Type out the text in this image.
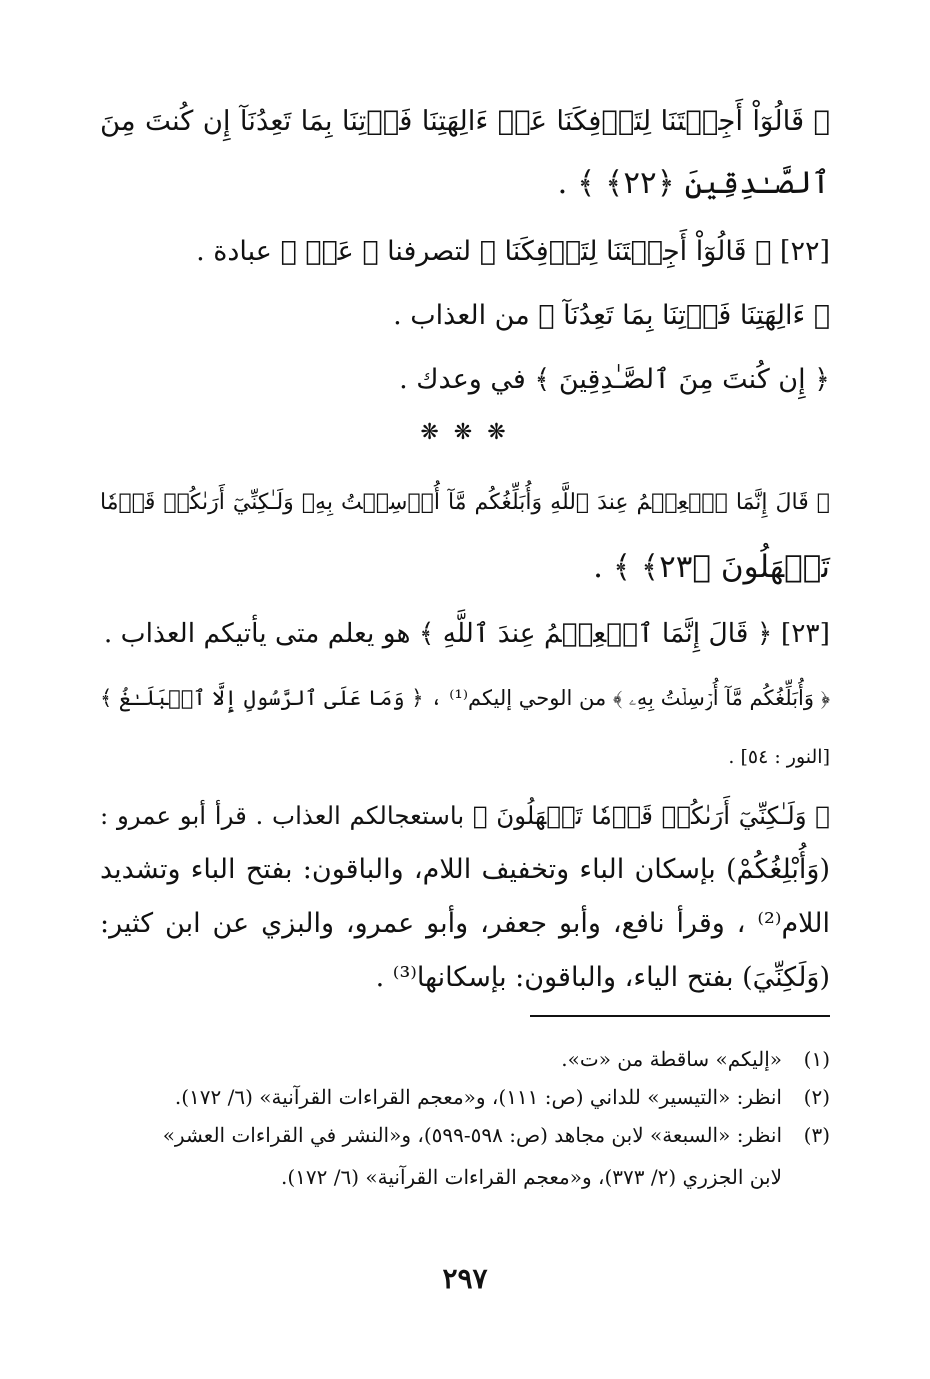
﴿ قَالُوٓاْ أَجِئۡتَنَا لِتَأۡفِكَنَا عَنۡ ءَالِهَتِنَا فَأۡتِنَا بِمَا تَعِدُنَآ إِن كُنتَ مِنَ
ٱلصَّـٰدِقِينَ ﴿٢٢﴾ ﴾ .
[٢٢] ﴿ قَالُوٓاْ أَجِئۡتَنَا لِتَأۡفِكَنَا ﴾ لتصرفنا ﴿ عَنۡ ﴾ عبادة .
﴿ ءَالِهَتِنَا فَأۡتِنَا بِمَا تَعِدُنَآ ﴾ من العذاب .
﴿ إِن كُنتَ مِنَ ٱلصَّـٰدِقِينَ ﴾ في وعدك .
❋ ❋ ❋
﴿ قَالَ إِنَّمَا ٱلۡعِلۡمُ عِندَ ٱللَّهِ وَأُبَلِّغُكُم مَّآ أُرۡسِلۡتُ بِهِۦ وَلَـٰكِنِّيٓ أَرَىٰكُمۡ قَوۡمٗا
تَجۡهَلُونَ ﴿٢٣﴾ ﴾ .
[٢٣] ﴿ قَالَ إِنَّمَا ٱلۡعِلۡمُ عِندَ ٱللَّهِ ﴾ هو يعلم متى يأتيكم العذاب .
﴿ وَأُبَلِّغُكُم مَّآ أُرۡسِلۡتُ بِهِۦ ﴾ من الوحي إليكم⁽¹⁾ ، ﴿ وَمَا عَلَى ٱلرَّسُولِ إِلَّا ٱلۡبَلَـٰغُ ﴾
[النور : ٥٤] .
﴿ وَلَـٰكِنِّيٓ أَرَىٰكُمۡ قَوۡمٗا تَجۡهَلُونَ ﴾ باستعجالكم العذاب . قرأ أبو عمرو :
(وَأُبْلِغُكُمْ) بإسكان الباء وتخفيف اللام، والباقون: بفتح الباء وتشديد
اللام⁽²⁾ ، وقرأ نافع، وأبو جعفر، وأبو عمرو، والبزي عن ابن كثير:
(وَلَكِنِّيَ) بفتح الياء، والباقون: بإسكانها⁽³⁾ .
(١)«إليكم» ساقطة من «ت».
(٢)انظر: «التيسير» للداني (ص: ١١١)، و«معجم القراءات القرآنية» (٦/ ١٧٢).
(٣)انظر: «السبعة» لابن مجاهد (ص: ٥٩٨-٥٩٩)، و«النشر في القراءات العشر»
لابن الجزري (٢/ ٣٧٣)، و«معجم القراءات القرآنية» (٦/ ١٧٢).
٢٩٧
